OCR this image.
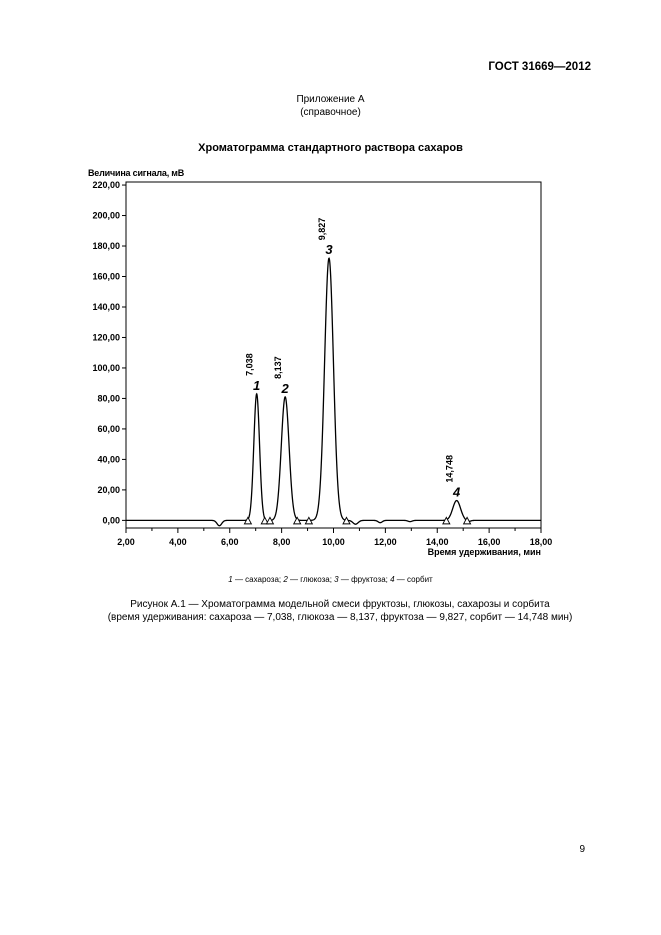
ГОСТ 31669—2012
Приложение А
(справочное)
Хроматограмма стандартного раствора сахаров
Величина сигнала, мВ
0,00
20,00
40,00
60,00
80,00
100,00
120,00
140,00
160,00
180,00
200,00
220,00
2,00	4,00	6,00	8,00	10,00	12,00	14,00	16,00	18,00
Время удерживания, мин
1
7,038
2
8,137
3
9,827
4
14,748
1 — сахароза; 2 — глюкоза; 3 — фруктоза; 4 — сорбит
Рисунок А.1 — Хроматограмма модельной смеси фруктозы, глюкозы, сахарозы и сорбита
(время удерживания: сахароза — 7,038, глюкоза — 8,137, фруктоза — 9,827, сорбит — 14,748 мин)
9
